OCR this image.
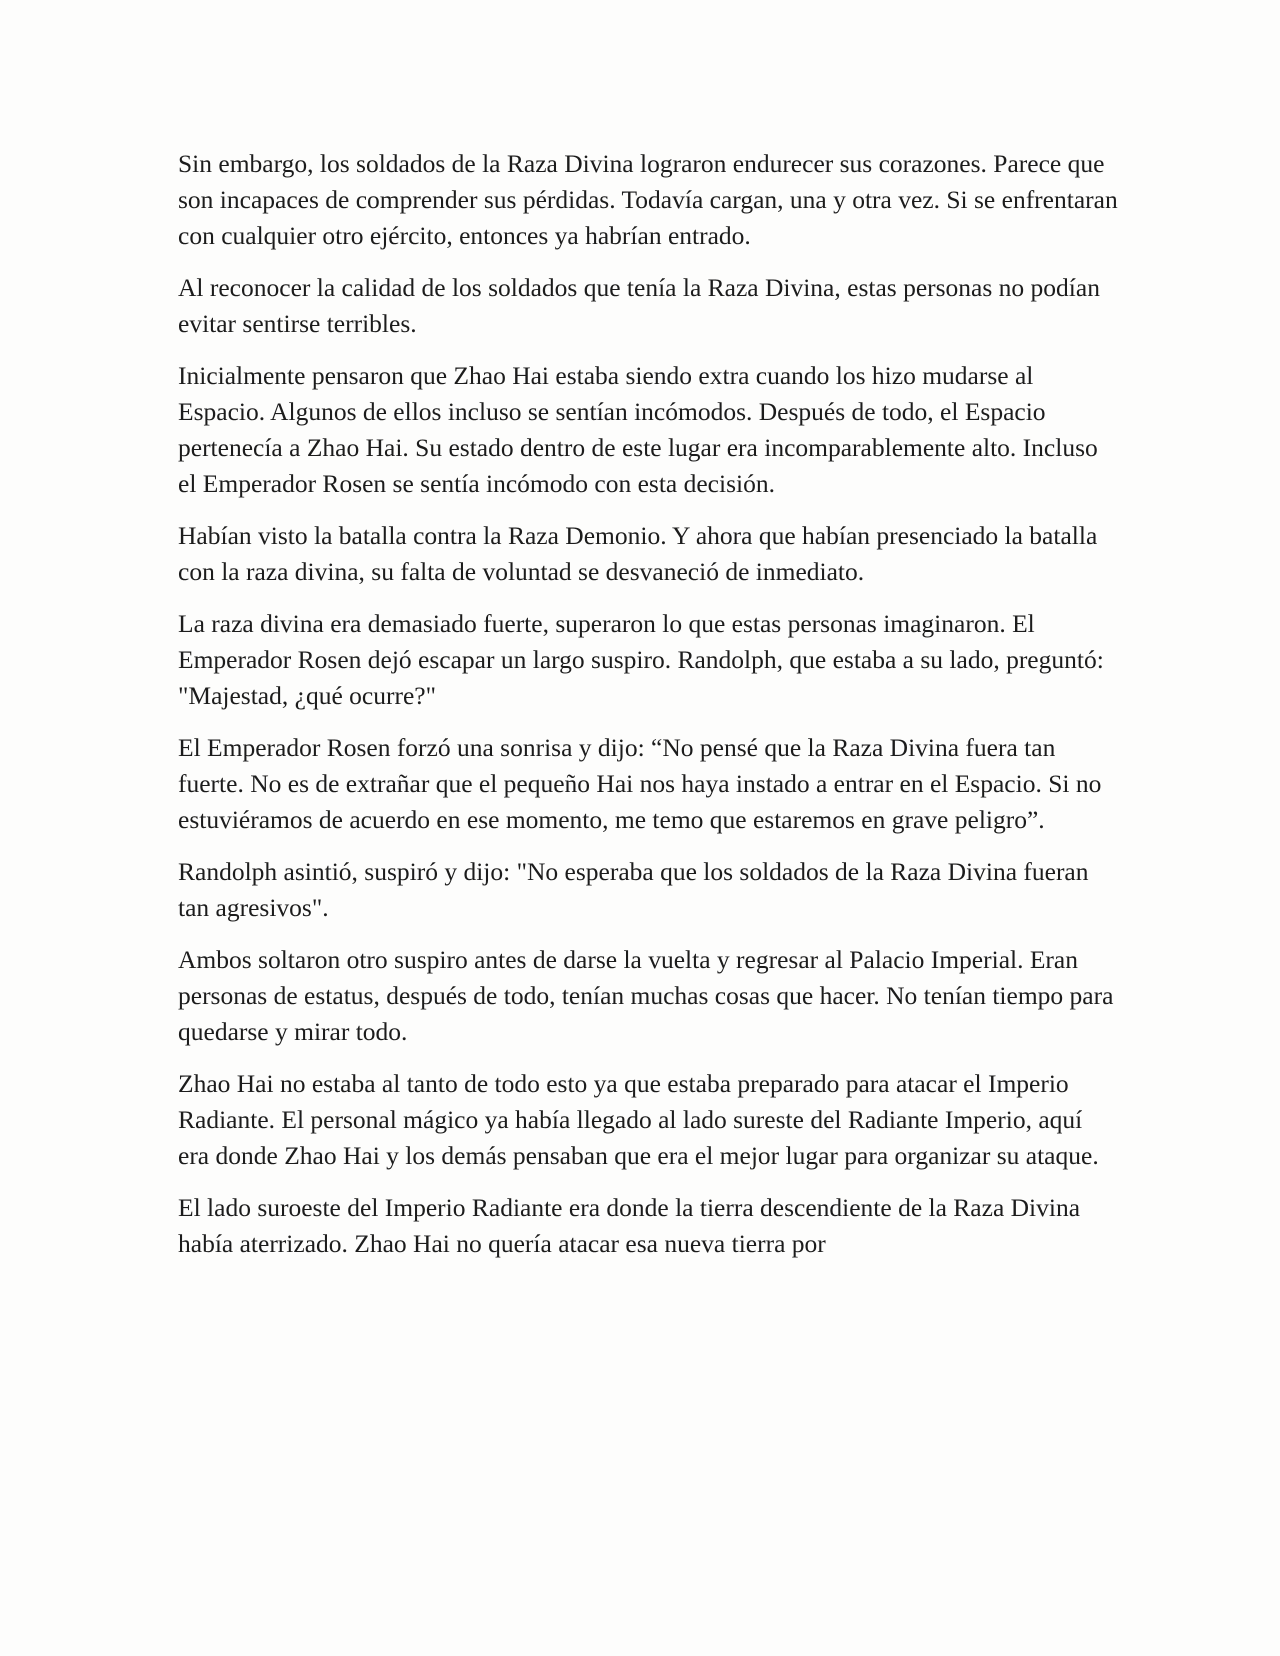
Sin embargo, los soldados de la Raza Divina lograron endurecer sus corazones. Parece que son incapaces de comprender sus pérdidas. Todavía cargan, una y otra vez. Si se enfrentaran con cualquier otro ejército, entonces ya habrían entrado.

Al reconocer la calidad de los soldados que tenía la Raza Divina, estas personas no podían evitar sentirse terribles.

Inicialmente pensaron que Zhao Hai estaba siendo extra cuando los hizo mudarse al Espacio. Algunos de ellos incluso se sentían incómodos. Después de todo, el Espacio pertenecía a Zhao Hai. Su estado dentro de este lugar era incomparablemente alto. Incluso el Emperador Rosen se sentía incómodo con esta decisión.

Habían visto la batalla contra la Raza Demonio. Y ahora que habían presenciado la batalla con la raza divina, su falta de voluntad se desvaneció de inmediato.

La raza divina era demasiado fuerte, superaron lo que estas personas imaginaron. El Emperador Rosen dejó escapar un largo suspiro. Randolph, que estaba a su lado, preguntó: "Majestad, ¿qué ocurre?"

El Emperador Rosen forzó una sonrisa y dijo: “No pensé que la Raza Divina fuera tan fuerte. No es de extrañar que el pequeño Hai nos haya instado a entrar en el Espacio. Si no estuviéramos de acuerdo en ese momento, me temo que estaremos en grave peligro”.

Randolph asintió, suspiró y dijo: "No esperaba que los soldados de la Raza Divina fueran tan agresivos".

Ambos soltaron otro suspiro antes de darse la vuelta y regresar al Palacio Imperial. Eran personas de estatus, después de todo, tenían muchas cosas que hacer. No tenían tiempo para quedarse y mirar todo.

Zhao Hai no estaba al tanto de todo esto ya que estaba preparado para atacar el Imperio Radiante. El personal mágico ya había llegado al lado sureste del Radiante Imperio, aquí era donde Zhao Hai y los demás pensaban que era el mejor lugar para organizar su ataque.

El lado suroeste del Imperio Radiante era donde la tierra descendiente de la Raza Divina había aterrizado. Zhao Hai no quería atacar esa nueva tierra por
